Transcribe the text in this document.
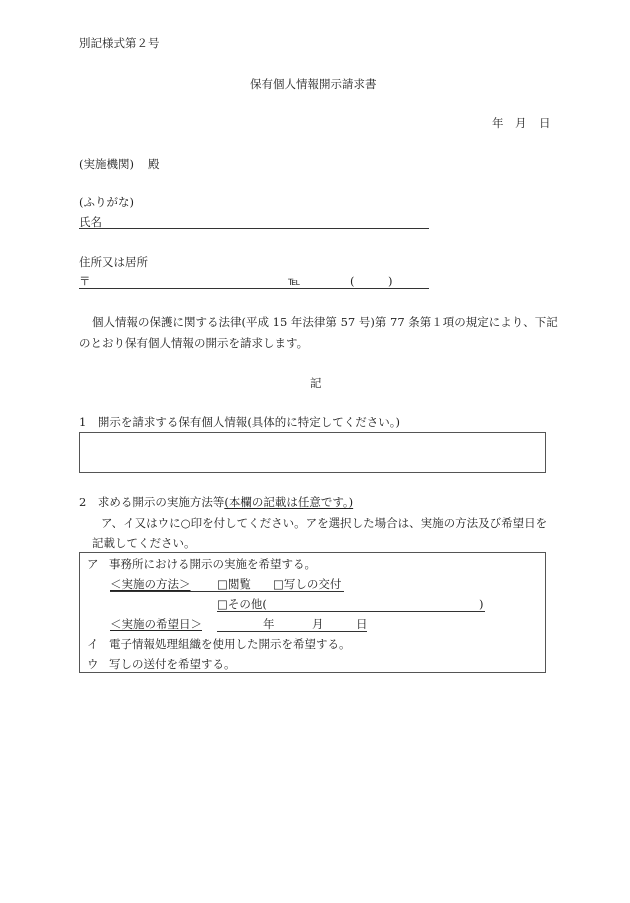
別記様式第２号
保有個人情報開示請求書
年 月 日
(実施機関) 殿
(ふりがな)
氏名
住所又は居所
〒	℡	(	)
個人情報の保護に関する法律(平成 15 年法律第 57 号)第 77 条第１項の規定により、下記
のとおり保有個人情報の開示を請求します。
記
1　開示を請求する保有個人情報(具体的に特定してください。)
2　求める開示の実施方法等(本欄の記載は任意です。)
ア、イ又はウに○印を付してください。アを選択した場合は、実施の方法及び希望日を
記載してください。
ア 事務所における開示の実施を希望する。
＜実施の方法＞ □閲覧 □写しの交付
□その他(	)
＜実施の希望日＞	年	月	日
イ 電子情報処理組織を使用した開示を希望する。
ウ 写しの送付を希望する。
